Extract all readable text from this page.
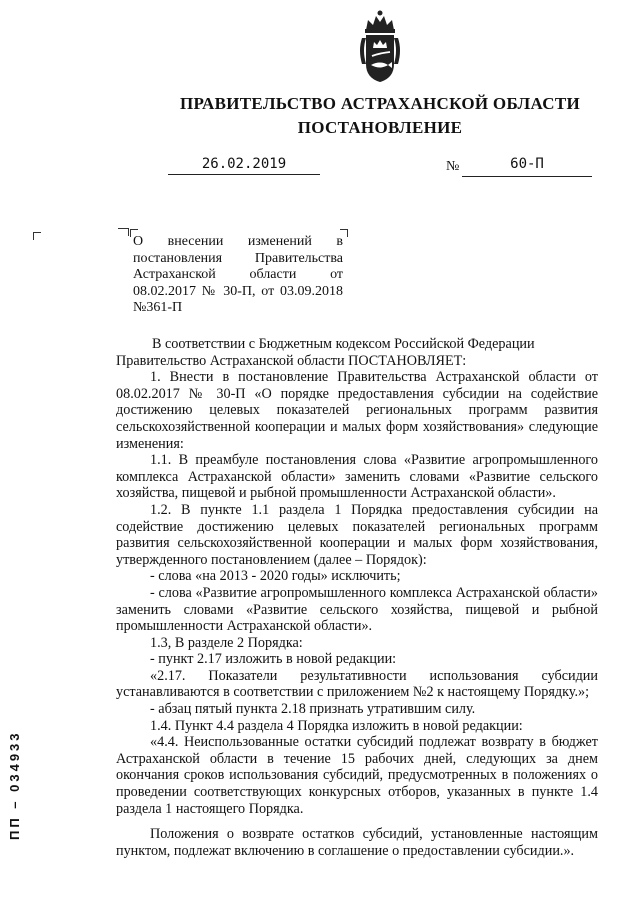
ПРАВИТЕЛЬСТВО АСТРАХАНСКОЙ ОБЛАСТИ
ПОСТАНОВЛЕНИЕ
26.02.2019	№	60-П

О внесении изменений в постановления Правительства Астраханской области от 08.02.2017 № 30-П, от 03.09.2018 №361-П

В соответствии с Бюджетным кодексом Российской Федерации

Правительство Астраханской области ПОСТАНОВЛЯЕТ:

1. Внести в постановление Правительства Астраханской области от 08.02.2017 № 30-П «О порядке предоставления субсидии на содействие достижению целевых показателей региональных программ развития сельскохозяйственной кооперации и малых форм хозяйствования» следующие изменения:

1.1. В преамбуле постановления слова «Развитие агропромышленного комплекса Астраханской области» заменить словами «Развитие сельского хозяйства, пищевой и рыбной промышленности Астраханской области».

1.2. В пункте 1.1 раздела 1 Порядка предоставления субсидии на содействие достижению целевых показателей региональных программ развития сельскохозяйственной кооперации и малых форм хозяйствования, утвержденного постановлением (далее – Порядок):

- слова «на 2013 - 2020 годы» исключить;

- слова «Развитие агропромышленного комплекса Астраханской области» заменить словами «Развитие сельского хозяйства, пищевой и рыбной промышленности Астраханской области».

1.3, В разделе 2 Порядка:

- пункт 2.17 изложить в новой редакции:

«2.17. Показатели результативности использования субсидии устанавливаются в соответствии с приложением №2 к настоящему Порядку.»;

- абзац пятый пункта 2.18 признать утратившим силу.

1.4. Пункт 4.4 раздела 4 Порядка изложить в новой редакции:

«4.4. Неиспользованные остатки субсидий подлежат возврату в бюджет Астраханской области в течение 15 рабочих дней, следующих за днем окончания сроков использования субсидий, предусмотренных в положениях о проведении соответствующих конкурсных отборов, указанных в пункте 1.4 раздела 1 настоящего Порядка.

Положения о возврате остатков субсидий, установленные настоящим пунктом, подлежат включению в соглашение о предоставлении субсидии.».

ПП – 034933
